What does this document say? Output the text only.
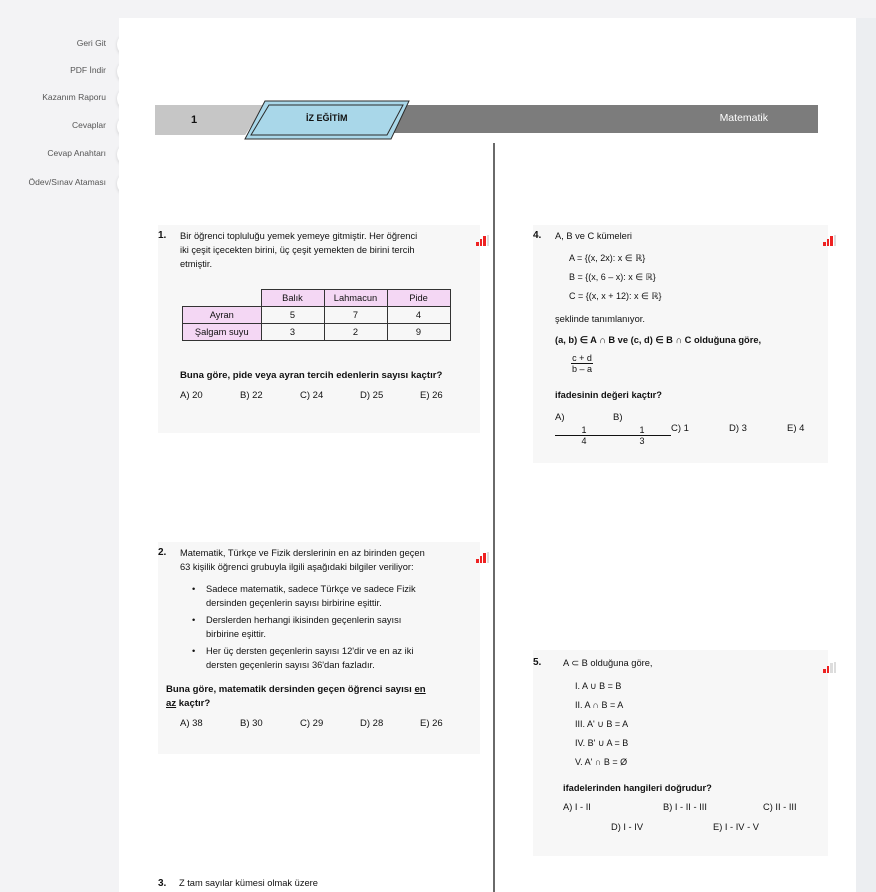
Geri Git
PDF İndir
Kazanım Raporu
Cevaplar
Cevap Anahtarı
Ödev/Sınav Ataması
1	İZ EĞİTİM	Matematik
1. Bir öğrenci topluluğu yemek yemeye gitmiştir. Her öğrenci
iki çeşit içecekten birini, üç çeşit yemekten de birini tercih
etmiştir.
	Balık	Lahmacun	Pide
Ayran	5	7	4
Şalgam suyu	3	2	9
Buna göre, pide veya ayran tercih edenlerin sayısı kaçtır?
A) 20	B) 22	C) 24	D) 25	E) 26
2. Matematik, Türkçe ve Fizik derslerinin en az birinden geçen
63 kişilik öğrenci grubuyla ilgili aşağıdaki bilgiler veriliyor:
• Sadece matematik, sadece Türkçe ve sadece Fizik
dersinden geçenlerin sayısı birbirine eşittir.
• Derslerden herhangi ikisinden geçenlerin sayısı
birbirine eşittir.
• Her üç dersten geçenlerin sayısı 12'dir ve en az iki
dersten geçenlerin sayısı 36'dan fazladır.
Buna göre, matematik dersinden geçen öğrenci sayısı en
az kaçtır?
A) 38	B) 30	C) 29	D) 28	E) 26
3. Z tam sayılar kümesi olmak üzere
4. A, B ve C kümeleri
A = {(x, 2x): x ∈ ℝ}
B = {(x, 6 – x): x ∈ ℝ}
C = {(x, x + 12): x ∈ ℝ}
şeklinde tanımlanıyor.
(a, b) ∈ A ∩ B ve (c, d) ∈ B ∩ C olduğuna göre,
$\frac{c + d}{b - a}$
ifadesinin değeri kaçtır?
A)
1
4
B)
1
3
C) 1	D) 3	E) 4
5. A ⊂ B olduğuna göre,
I. A ∪ B = B
II. A ∩ B = A
III. A' ∪ B = A
IV. B' ∪ A = B
V. A' ∩ B = Ø
ifadelerinden hangileri doğrudur?
A) I - II	B) I - II - III	C) II - III
D) I - IV	E) I - IV - V
